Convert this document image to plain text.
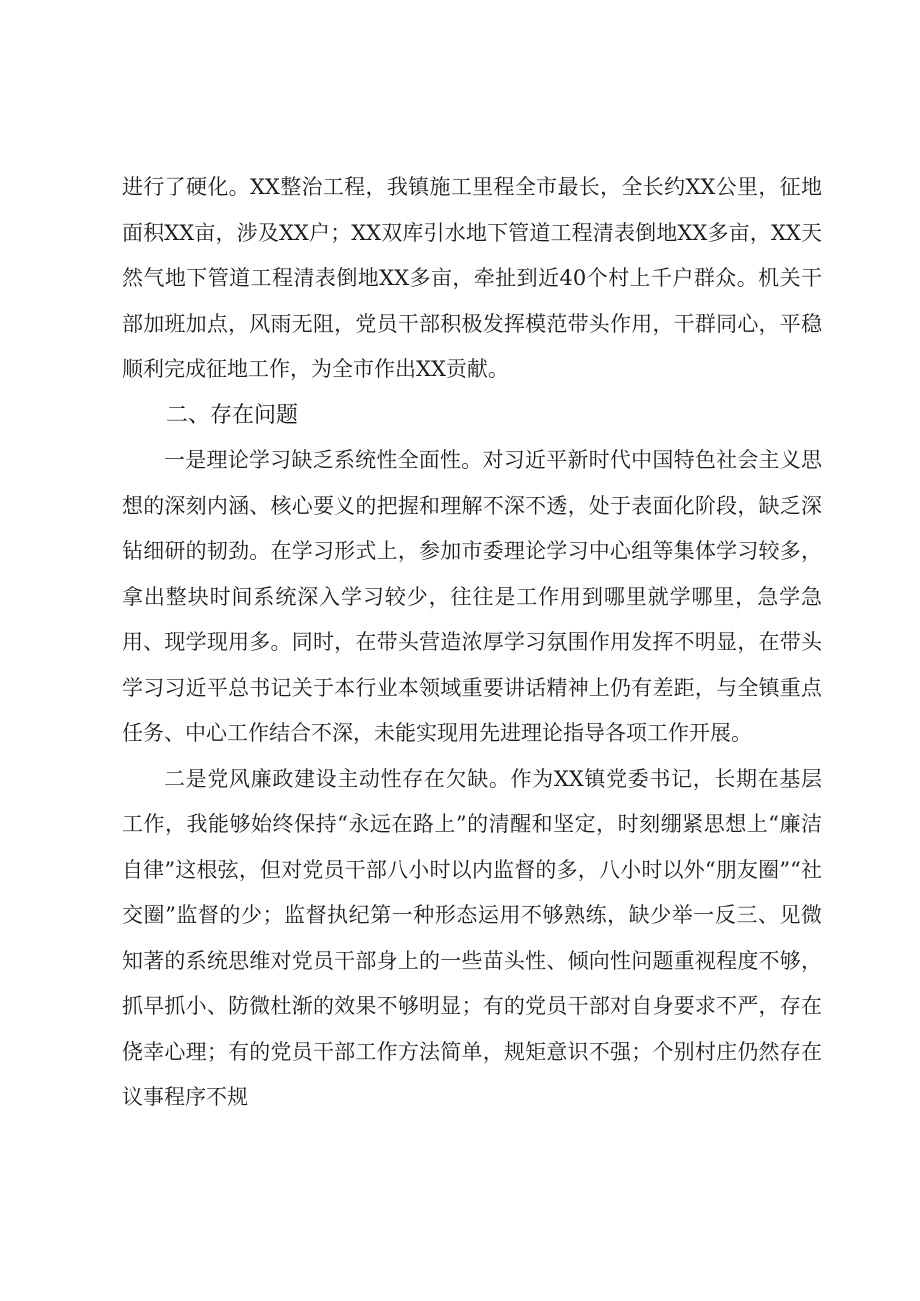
进行了硬化。XX整治工程，我镇施工里程全市最长，全长约XX公里，征地面积XX亩，涉及XX户；XX双库引水地下管道工程清表倒地XX多亩，XX天然气地下管道工程清表倒地XX多亩，牵扯到近40个村上千户群众。机关干部加班加点，风雨无阻，党员干部积极发挥模范带头作用，干群同心，平稳顺利完成征地工作，为全市作出XX贡献。

二、存在问题

一是理论学习缺乏系统性全面性。对习近平新时代中国特色社会主义思想的深刻内涵、核心要义的把握和理解不深不透，处于表面化阶段，缺乏深钻细研的韧劲。在学习形式上，参加市委理论学习中心组等集体学习较多，拿出整块时间系统深入学习较少，往往是工作用到哪里就学哪里，急学急用、现学现用多。同时，在带头营造浓厚学习氛围作用发挥不明显，在带头学习习近平总书记关于本行业本领域重要讲话精神上仍有差距，与全镇重点任务、中心工作结合不深，未能实现用先进理论指导各项工作开展。

二是党风廉政建设主动性存在欠缺。作为XX镇党委书记，长期在基层工作，我能够始终保持“永远在路上”的清醒和坚定，时刻绷紧思想上“廉洁自律”这根弦，但对党员干部八小时以内监督的多，八小时以外“朋友圈”“社交圈”监督的少；监督执纪第一种形态运用不够熟练，缺少举一反三、见微知著的系统思维对党员干部身上的一些苗头性、倾向性问题重视程度不够，抓早抓小、防微杜渐的效果不够明显；有的党员干部对自身要求不严，存在侥幸心理；有的党员干部工作方法简单，规矩意识不强；个别村庄仍然存在议事程序不规
